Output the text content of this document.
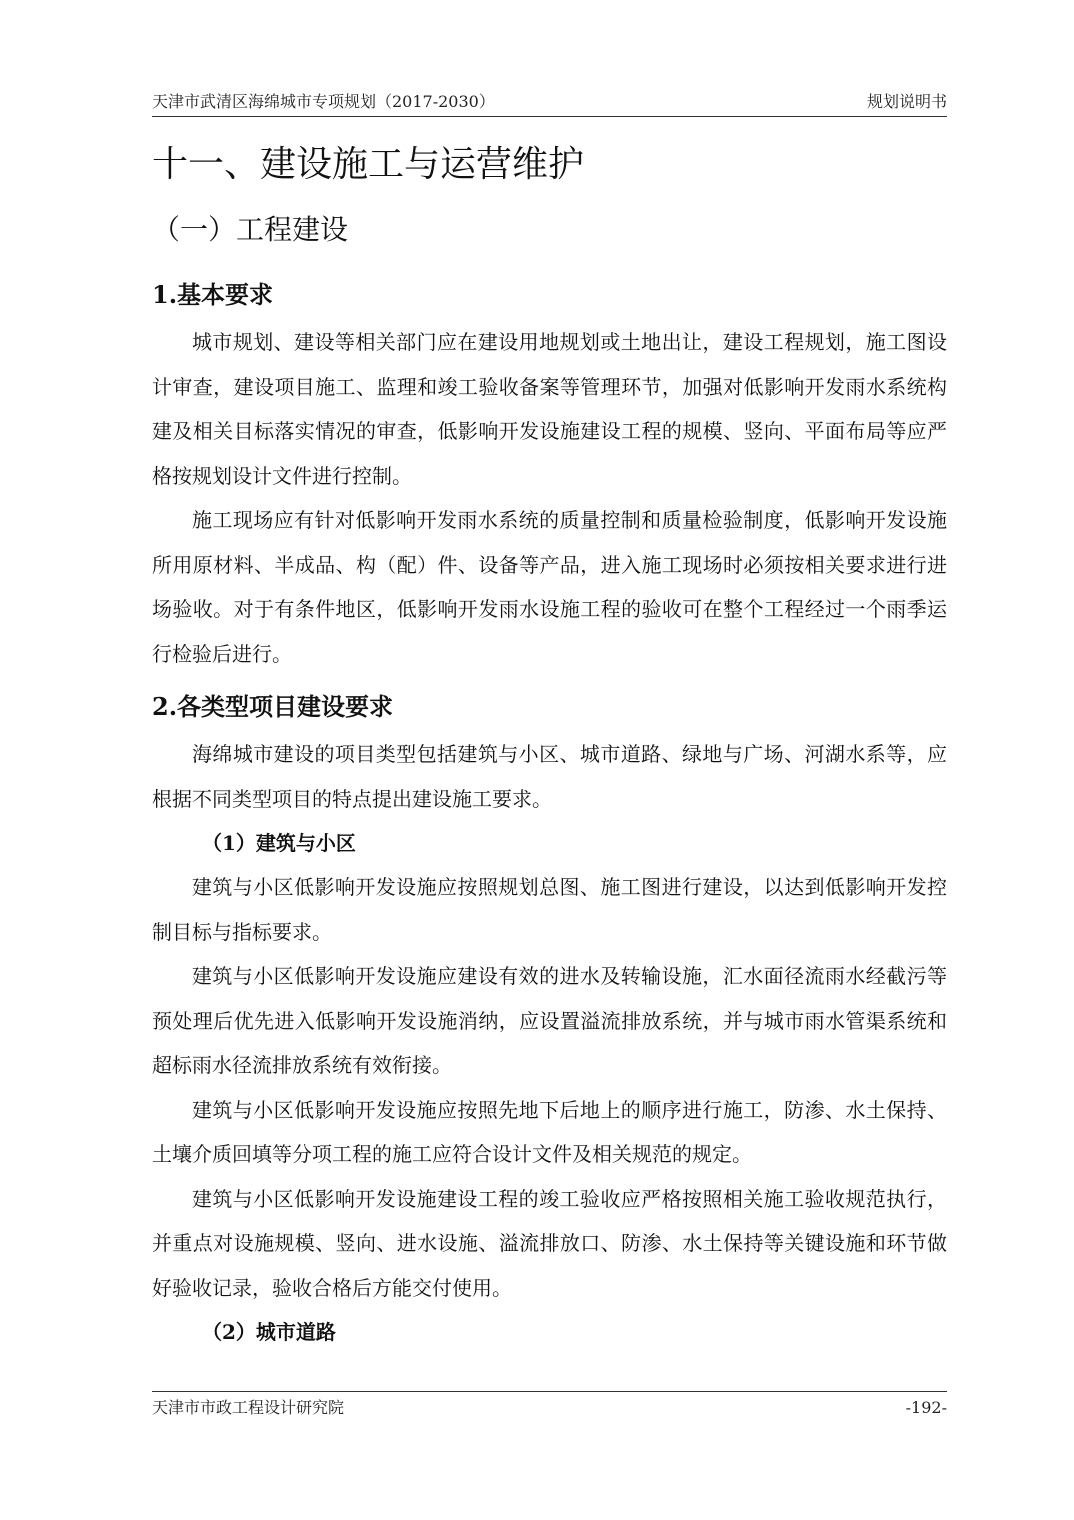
天津市武清区海绵城市专项规划（2017-2030）	规划说明书
十一、建设施工与运营维护
（一）工程建设
1.基本要求

城市规划、建设等相关部门应在建设用地规划或土地出让，建设工程规划，施工图设计审查，建设项目施工、监理和竣工验收备案等管理环节，加强对低影响开发雨水系统构建及相关目标落实情况的审查，低影响开发设施建设工程的规模、竖向、平面布局等应严格按规划设计文件进行控制。

施工现场应有针对低影响开发雨水系统的质量控制和质量检验制度，低影响开发设施所用原材料、半成品、构（配）件、设备等产品，进入施工现场时必须按相关要求进行进场验收。对于有条件地区，低影响开发雨水设施工程的验收可在整个工程经过一个雨季运行检验后进行。

2.各类型项目建设要求

海绵城市建设的项目类型包括建筑与小区、城市道路、绿地与广场、河湖水系等，应根据不同类型项目的特点提出建设施工要求。

（1）建筑与小区

建筑与小区低影响开发设施应按照规划总图、施工图进行建设，以达到低影响开发控制目标与指标要求。

建筑与小区低影响开发设施应建设有效的进水及转输设施，汇水面径流雨水经截污等预处理后优先进入低影响开发设施消纳，应设置溢流排放系统，并与城市雨水管渠系统和超标雨水径流排放系统有效衔接。

建筑与小区低影响开发设施应按照先地下后地上的顺序进行施工，防渗、水土保持、土壤介质回填等分项工程的施工应符合设计文件及相关规范的规定。

建筑与小区低影响开发设施建设工程的竣工验收应严格按照相关施工验收规范执行，并重点对设施规模、竖向、进水设施、溢流排放口、防渗、水土保持等关键设施和环节做好验收记录，验收合格后方能交付使用。

（2）城市道路
天津市市政工程设计研究院	-192-
